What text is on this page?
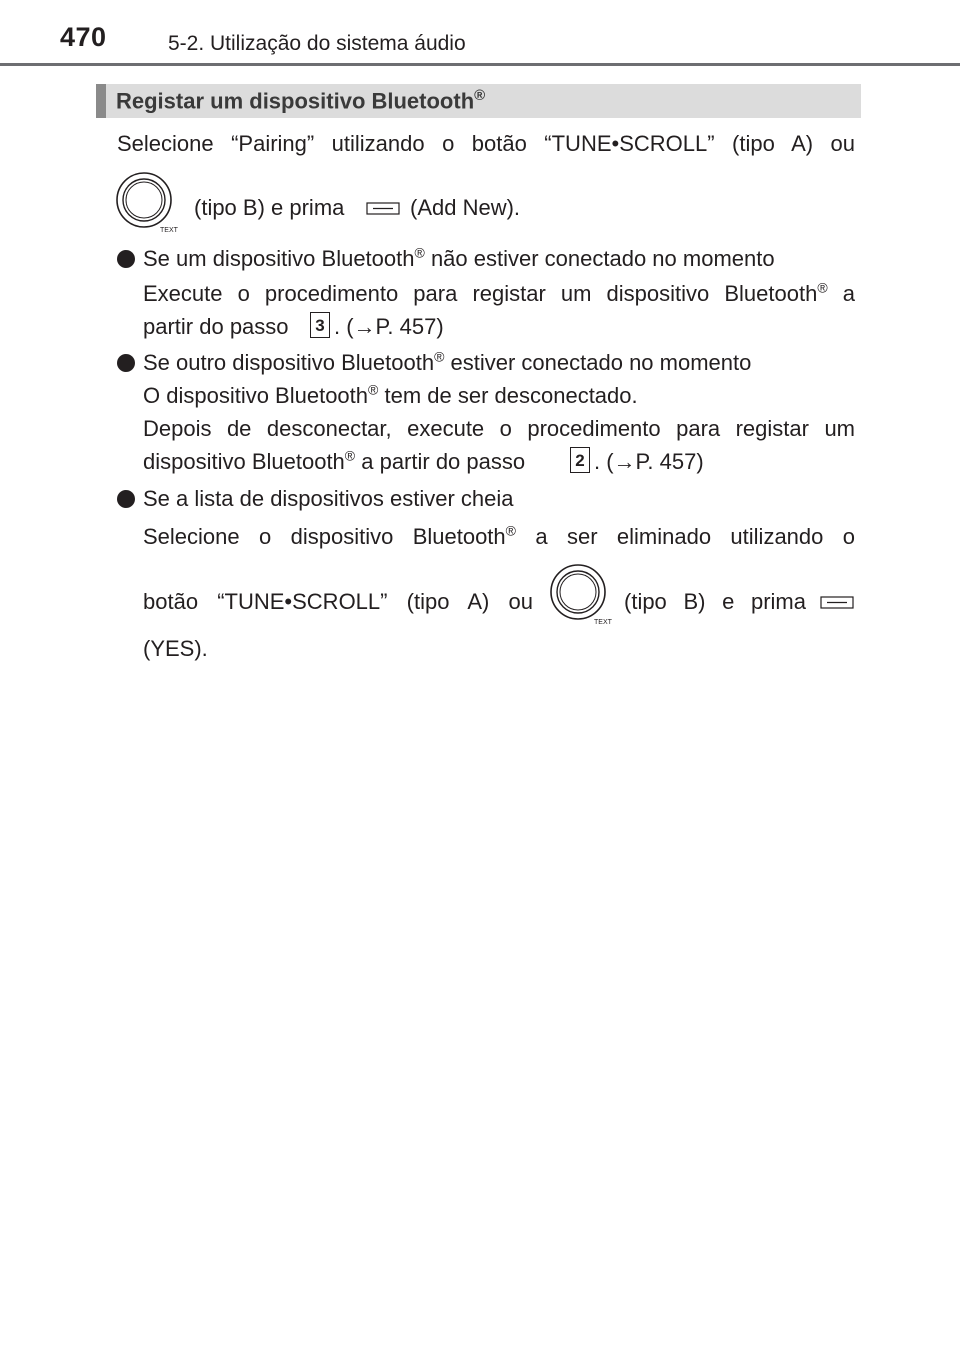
470	5-2. Utilização do sistema áudio
Registar um dispositivo Bluetooth®
Selecione “Pairing” utilizando o botão “TUNE•SCROLL” (tipo A) ou
TEXT
(tipo B) e prima	(Add New).
Se um dispositivo Bluetooth® não estiver conectado no momento
Execute o procedimento para registar um dispositivo Bluetooth® a
partir do passo	3 . (→P. 457)
Se outro dispositivo Bluetooth® estiver conectado no momento
O dispositivo Bluetooth® tem de ser desconectado.
Depois de desconectar, execute o procedimento para registar um
dispositivo Bluetooth® a partir do passo	2 . (→P. 457)
Se a lista de dispositivos estiver cheia
Selecione o dispositivo Bluetooth® a ser eliminado utilizando o
botão “TUNE•SCROLL” (tipo A) ou
TEXT
(tipo B) e prima
(YES).
